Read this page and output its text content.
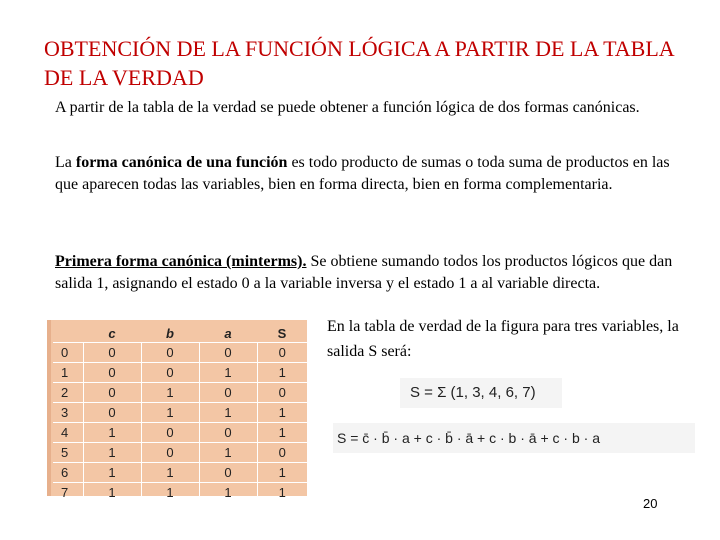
OBTENCIÓN DE LA FUNCIÓN LÓGICA A PARTIR DE LA TABLA DE LA VERDAD
A partir de la tabla de la verdad se puede obtener a función lógica de dos formas canónicas.
La forma canónica de una función es todo producto de sumas o toda suma de productos en las que aparecen todas las variables, bien en forma directa, bien en forma complementaria.
Primera forma canónica (minterms). Se obtiene sumando todos los productos lógicos que dan salida 1, asignando el estado 0 a la variable inversa y el estado 1 a al variable directa.
	c	b	a	S
0	0	0	0	0
1	0	0	1	1
2	0	1	0	0
3	0	1	1	1
4	1	0	0	1
5	1	0	1	0
6	1	1	0	1
7	1	1	1	1
En la tabla de verdad de la figura para tres variables, la salida S será:
S = Σ (1, 3, 4, 6, 7)
S = c̄ · b̄ · a + c · b̄ · ā + c · b · ā + c · b · a
20
